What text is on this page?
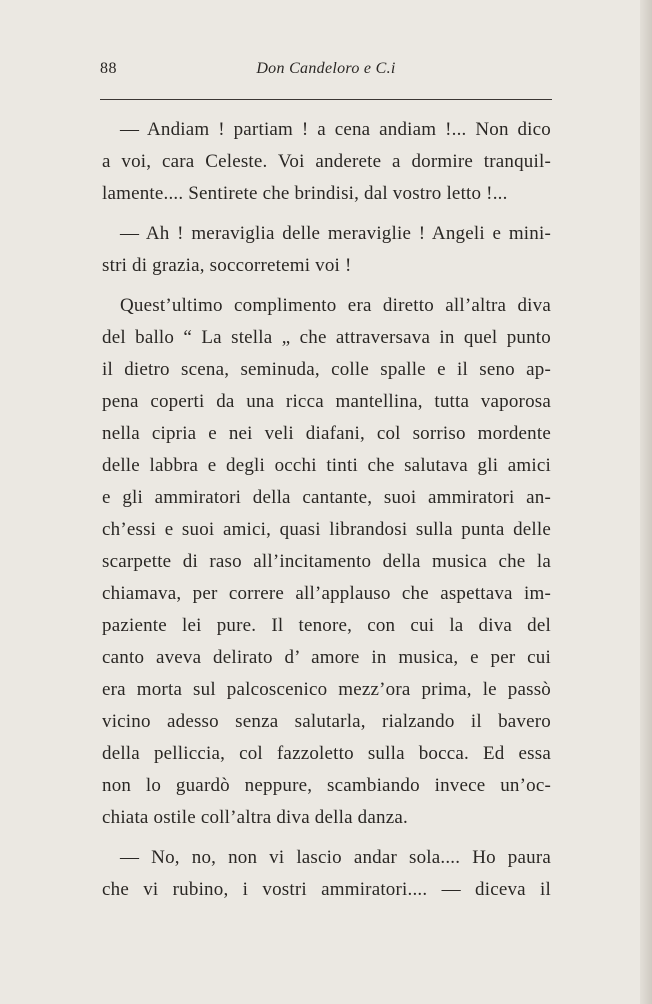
88	Don Candeloro e C.i
— Andiam ! partiam ! a cena andiam !... Non dico
a voi, cara Celeste. Voi anderete a dormire tranquil-
lamente.... Sentirete che brindisi, dal vostro letto !...
— Ah ! meraviglia delle meraviglie ! Angeli e mini-
stri di grazia, soccorretemi voi !
Quest’ultimo complimento era diretto all’altra diva
del ballo “ La stella „ che attraversava in quel punto
il dietro scena, seminuda, colle spalle e il seno ap-
pena coperti da una ricca mantellina, tutta vaporosa
nella cipria e nei veli diafani, col sorriso mordente
delle labbra e degli occhi tinti che salutava gli amici
e gli ammiratori della cantante, suoi ammiratori an-
ch’essi e suoi amici, quasi librandosi sulla punta delle
scarpette di raso all’incitamento della musica che la
chiamava, per correre all’applauso che aspettava im-
paziente lei pure. Il tenore, con cui la diva del
canto aveva delirato d’ amore in musica, e per cui
era morta sul palcoscenico mezz’ora prima, le passò
vicino adesso senza salutarla, rialzando il bavero
della pelliccia, col fazzoletto sulla bocca. Ed essa
non lo guardò neppure, scambiando invece un’oc-
chiata ostile coll’altra diva della danza.
— No, no, non vi lascio andar sola.... Ho paura
che vi rubino, i vostri ammiratori.... — diceva il
